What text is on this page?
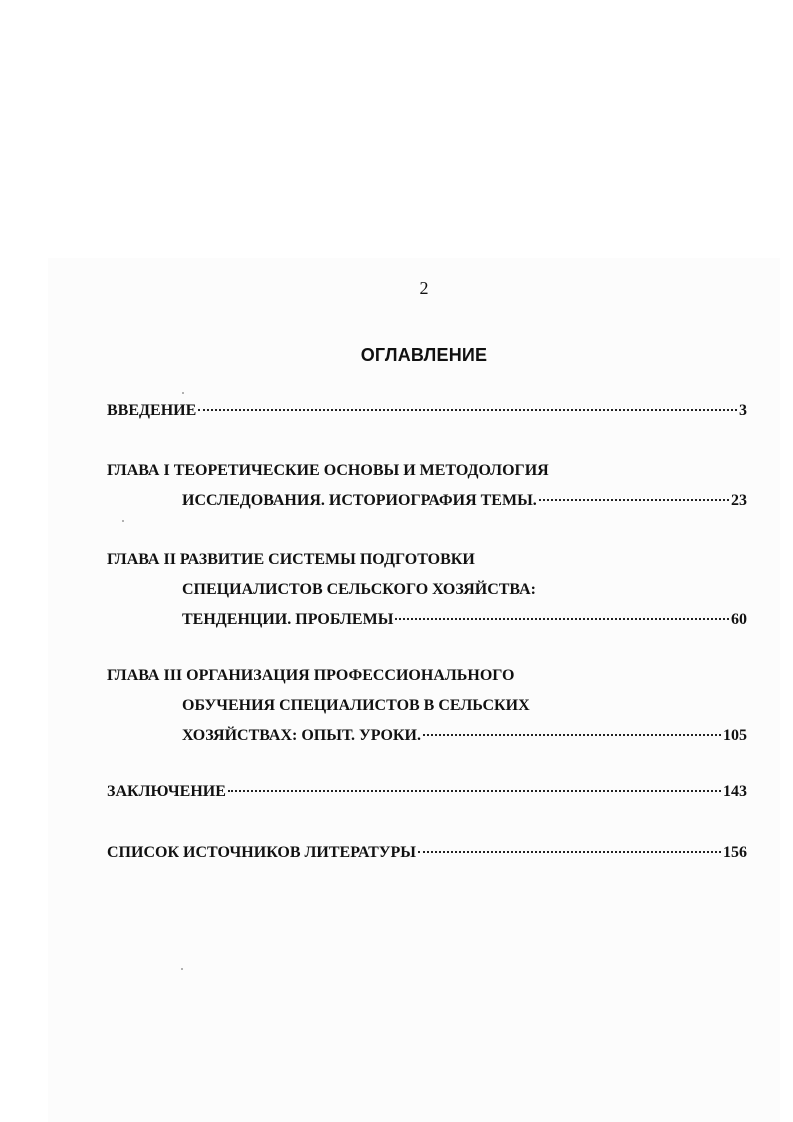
2
ОГЛАВЛЕНИЕ
ВВЕДЕНИЕ	3
ГЛАВА I ТЕОРЕТИЧЕСКИЕ ОСНОВЫ И МЕТОДОЛОГИЯ
ИССЛЕДОВАНИЯ. ИСТОРИОГРАФИЯ ТЕМЫ.	23
ГЛАВА II РАЗВИТИЕ СИСТЕМЫ ПОДГОТОВКИ
СПЕЦИАЛИСТОВ СЕЛЬСКОГО ХОЗЯЙСТВА:
ТЕНДЕНЦИИ. ПРОБЛЕМЫ	60
ГЛАВА III ОРГАНИЗАЦИЯ ПРОФЕССИОНАЛЬНОГО
ОБУЧЕНИЯ СПЕЦИАЛИСТОВ В СЕЛЬСКИХ
ХОЗЯЙСТВАХ: ОПЫТ. УРОКИ.	105
ЗАКЛЮЧЕНИЕ	143
СПИСОК ИСТОЧНИКОВ ЛИТЕРАТУРЫ	156
